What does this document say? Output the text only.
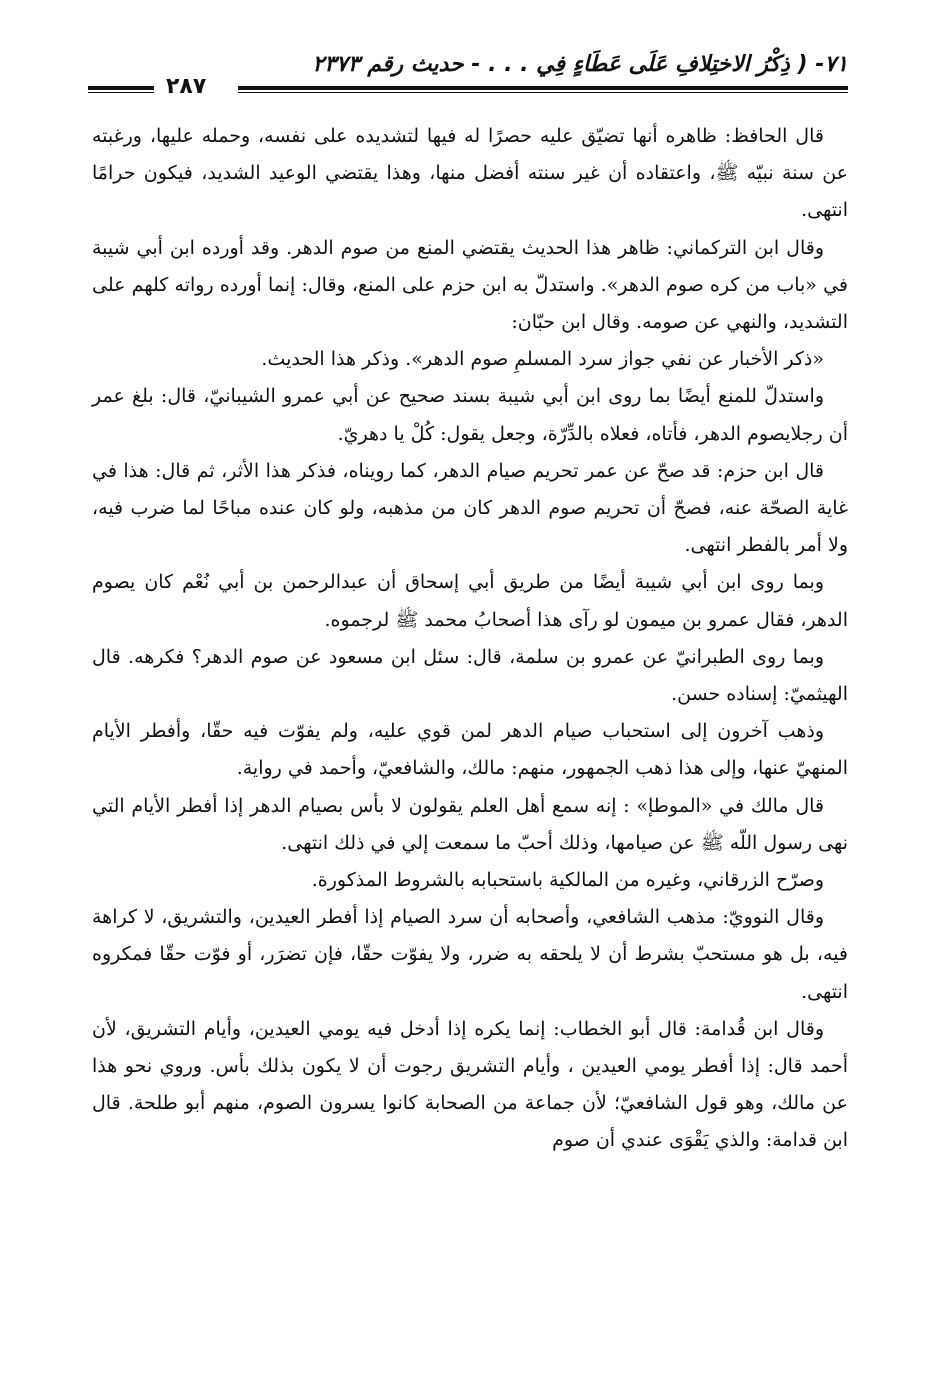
٧١- ( ذِكْرُ الاختِلافِ عَلَى عَطَاءٍ فِي . . . - حديث رقم ٢٣٧٣
٢٨٧

قال الحافظ: ظاهره أنها تضيّق عليه حصرًا له فيها لتشديده على نفسه، وحمله عليها، ورغبته عن سنة نبيّه ﷺ، واعتقاده أن غير سنته أفضل منها، وهذا يقتضي الوعيد الشديد، فيكون حرامًا انتهى.

وقال ابن التركماني: ظاهر هذا الحديث يقتضي المنع من صوم الدهر. وقد أورده ابن أبي شيبة في «باب من كره صوم الدهر». واستدلّ به ابن حزم على المنع، وقال: إنما أورده رواته كلهم على التشديد، والنهي عن صومه. وقال ابن حبّان:

«ذكر الأخبار عن نفي جواز سرد المسلمِ صوم الدهر». وذكر هذا الحديث.

واستدلّ للمنع أيضًا بما روى ابن أبي شيبة بسند صحيح عن أبي عمرو الشيبانيّ، قال: بلغ عمر أن رجلايصوم الدهر، فأتاه، فعلاه بالدِّرّة، وجعل يقول: كُلْ يا دهريّ.

قال ابن حزم: قد صحّ عن عمر تحريم صيام الدهر، كما رويناه، فذكر هذا الأثر، ثم قال: هذا في غاية الصحّة عنه، فصحّ أن تحريم صوم الدهر كان من مذهبه، ولو كان عنده مباحًا لما ضرب فيه، ولا أمر بالفطر انتهى.

وبما روى ابن أبي شيبة أيضًا من طريق أبي إسحاق أن عبدالرحمن بن أبي نُعْم كان يصوم الدهر، فقال عمرو بن ميمون لو رآى هذا أصحابُ محمد ﷺ لرجموه.

وبما روى الطبرانيّ عن عمرو بن سلمة، قال: سئل ابن مسعود عن صوم الدهر؟ فكرهه. قال الهيثميّ: إسناده حسن.

وذهب آخرون إلى استحباب صيام الدهر لمن قوي عليه، ولم يفوّت فيه حقّا، وأفطر الأيام المنهيّ عنها، وإلى هذا ذهب الجمهور، منهم: مالك، والشافعيّ، وأحمد في رواية.

قال مالك في «الموطإ» : إنه سمع أهل العلم يقولون لا بأس بصيام الدهر إذا أفطر الأيام التي نهى رسول اللّه ﷺ عن صيامها، وذلك أحبّ ما سمعت إلي في ذلك انتهى.

وصرّح الزرقاني، وغيره من المالكية باستحبابه بالشروط المذكورة.

وقال النوويّ: مذهب الشافعي، وأصحابه أن سرد الصيام إذا أفطر العيدين، والتشريق، لا كراهة فيه، بل هو مستحبّ بشرط أن لا يلحقه به ضرر، ولا يفوّت حقّا، فإن تضرَر، أو فوّت حقّا فمكروه انتهى.

وقال ابن قُدامة: قال أبو الخطاب: إنما يكره إذا أدخل فيه يومي العيدين، وأيام التشريق، لأن أحمد قال: إذا أفطر يومي العيدين ، وأيام التشريق رجوت أن لا يكون بذلك بأس. وروي نحو هذا عن مالك، وهو قول الشافعيّ؛ لأن جماعة من الصحابة كانوا يسرون الصوم، منهم أبو طلحة. قال ابن قدامة: والذي يَقْوَى عندي أن صوم
